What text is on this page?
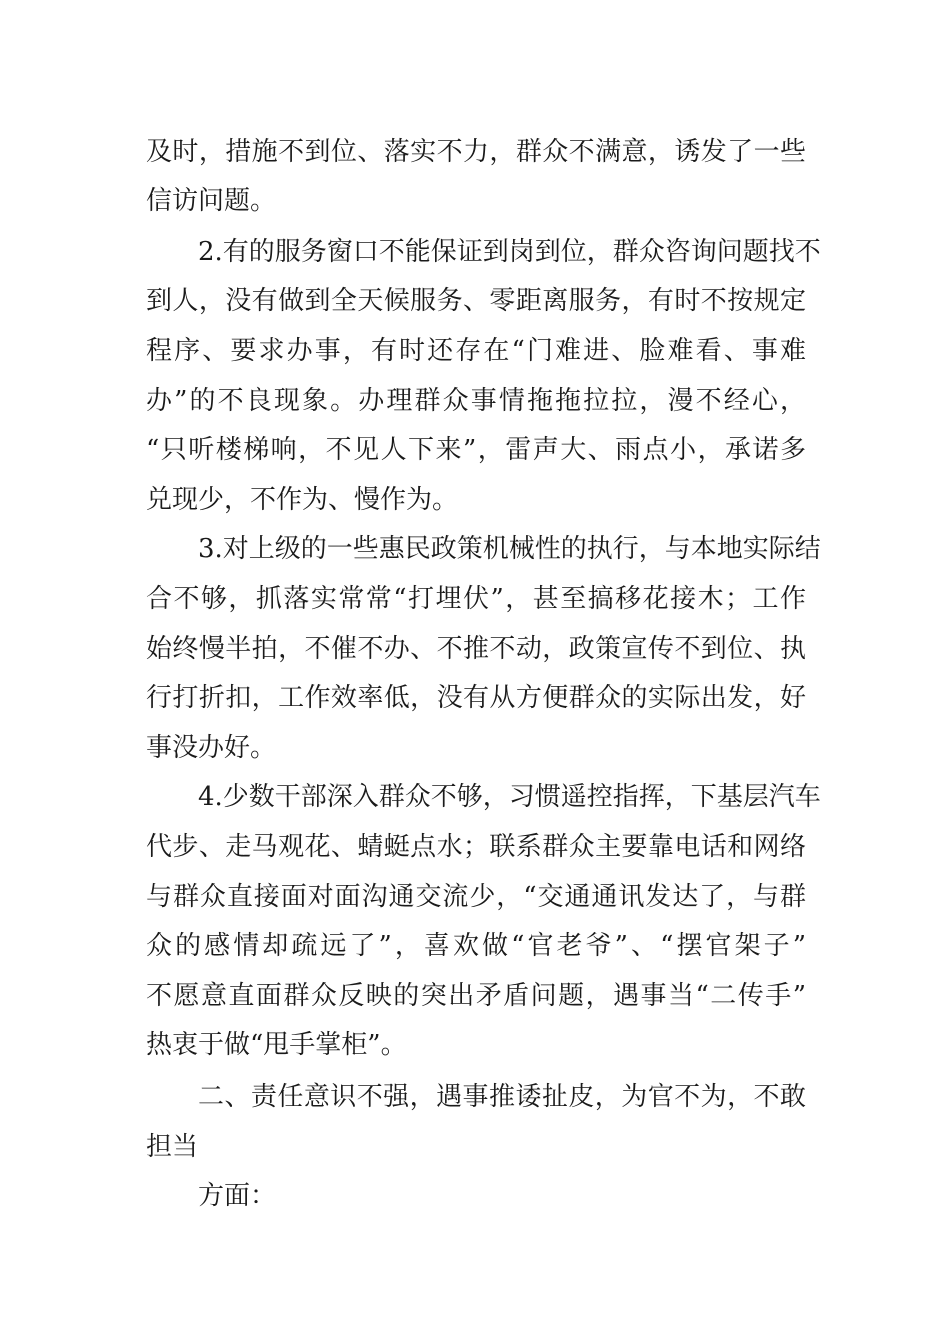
及时，措施不到位、落实不力，群众不满意，诱发了一些
信访问题。
2.有的服务窗口不能保证到岗到位，群众咨询问题找不
到人，没有做到全天候服务、零距离服务，有时不按规定
程序、要求办事，有时还存在“门难进、脸难看、事难
办”的不良现象。办理群众事情拖拖拉拉，漫不经心，
“只听楼梯响，不见人下来”，雷声大、雨点小，承诺多
兑现少，不作为、慢作为。
3.对上级的一些惠民政策机械性的执行，与本地实际结
合不够，抓落实常常“打埋伏”，甚至搞移花接木；工作
始终慢半拍，不催不办、不推不动，政策宣传不到位、执
行打折扣，工作效率低，没有从方便群众的实际出发，好
事没办好。
4.少数干部深入群众不够，习惯遥控指挥，下基层汽车
代步、走马观花、蜻蜓点水；联系群众主要靠电话和网络
与群众直接面对面沟通交流少，“交通通讯发达了，与群
众的感情却疏远了”，喜欢做“官老爷”、“摆官架子”
不愿意直面群众反映的突出矛盾问题，遇事当“二传手”
热衷于做“甩手掌柜”。
二、责任意识不强，遇事推诿扯皮，为官不为，不敢
担当
方面：
